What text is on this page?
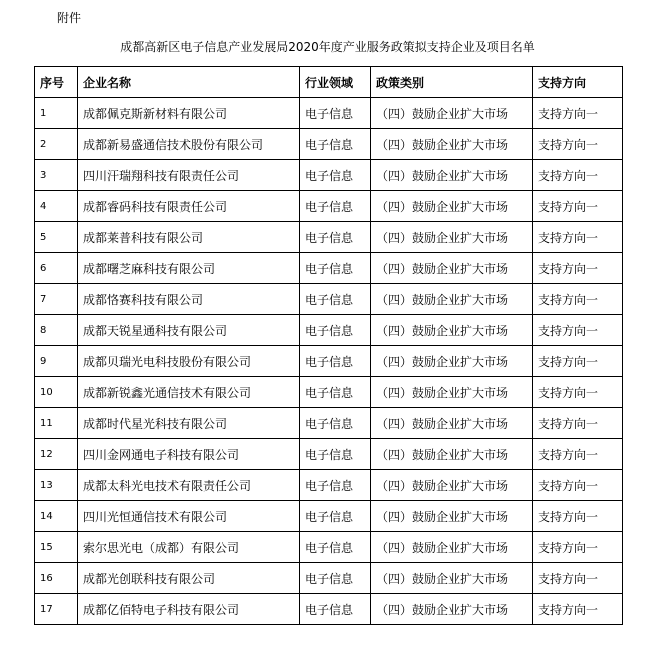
附件
成都高新区电子信息产业发展局2020年度产业服务政策拟支持企业及项目名单
序号	企业名称	行业领域	政策类别	支持方向
1	成都佩克斯新材料有限公司	电子信息	（四）鼓励企业扩大市场	支持方向一
2	成都新易盛通信技术股份有限公司	电子信息	（四）鼓励企业扩大市场	支持方向一
3	四川汗瑞翔科技有限责任公司	电子信息	（四）鼓励企业扩大市场	支持方向一
4	成都睿码科技有限责任公司	电子信息	（四）鼓励企业扩大市场	支持方向一
5	成都莱普科技有限公司	电子信息	（四）鼓励企业扩大市场	支持方向一
6	成都曙芝麻科技有限公司	电子信息	（四）鼓励企业扩大市场	支持方向一
7	成都恪赛科技有限公司	电子信息	（四）鼓励企业扩大市场	支持方向一
8	成都天锐星通科技有限公司	电子信息	（四）鼓励企业扩大市场	支持方向一
9	成都贝瑞光电科技股份有限公司	电子信息	（四）鼓励企业扩大市场	支持方向一
10	成都新锐鑫光通信技术有限公司	电子信息	（四）鼓励企业扩大市场	支持方向一
11	成都时代星光科技有限公司	电子信息	（四）鼓励企业扩大市场	支持方向一
12	四川金网通电子科技有限公司	电子信息	（四）鼓励企业扩大市场	支持方向一
13	成都太科光电技术有限责任公司	电子信息	（四）鼓励企业扩大市场	支持方向一
14	四川光恒通信技术有限公司	电子信息	（四）鼓励企业扩大市场	支持方向一
15	索尔思光电（成都）有限公司	电子信息	（四）鼓励企业扩大市场	支持方向一
16	成都光创联科技有限公司	电子信息	（四）鼓励企业扩大市场	支持方向一
17	成都亿佰特电子科技有限公司	电子信息	（四）鼓励企业扩大市场	支持方向一
